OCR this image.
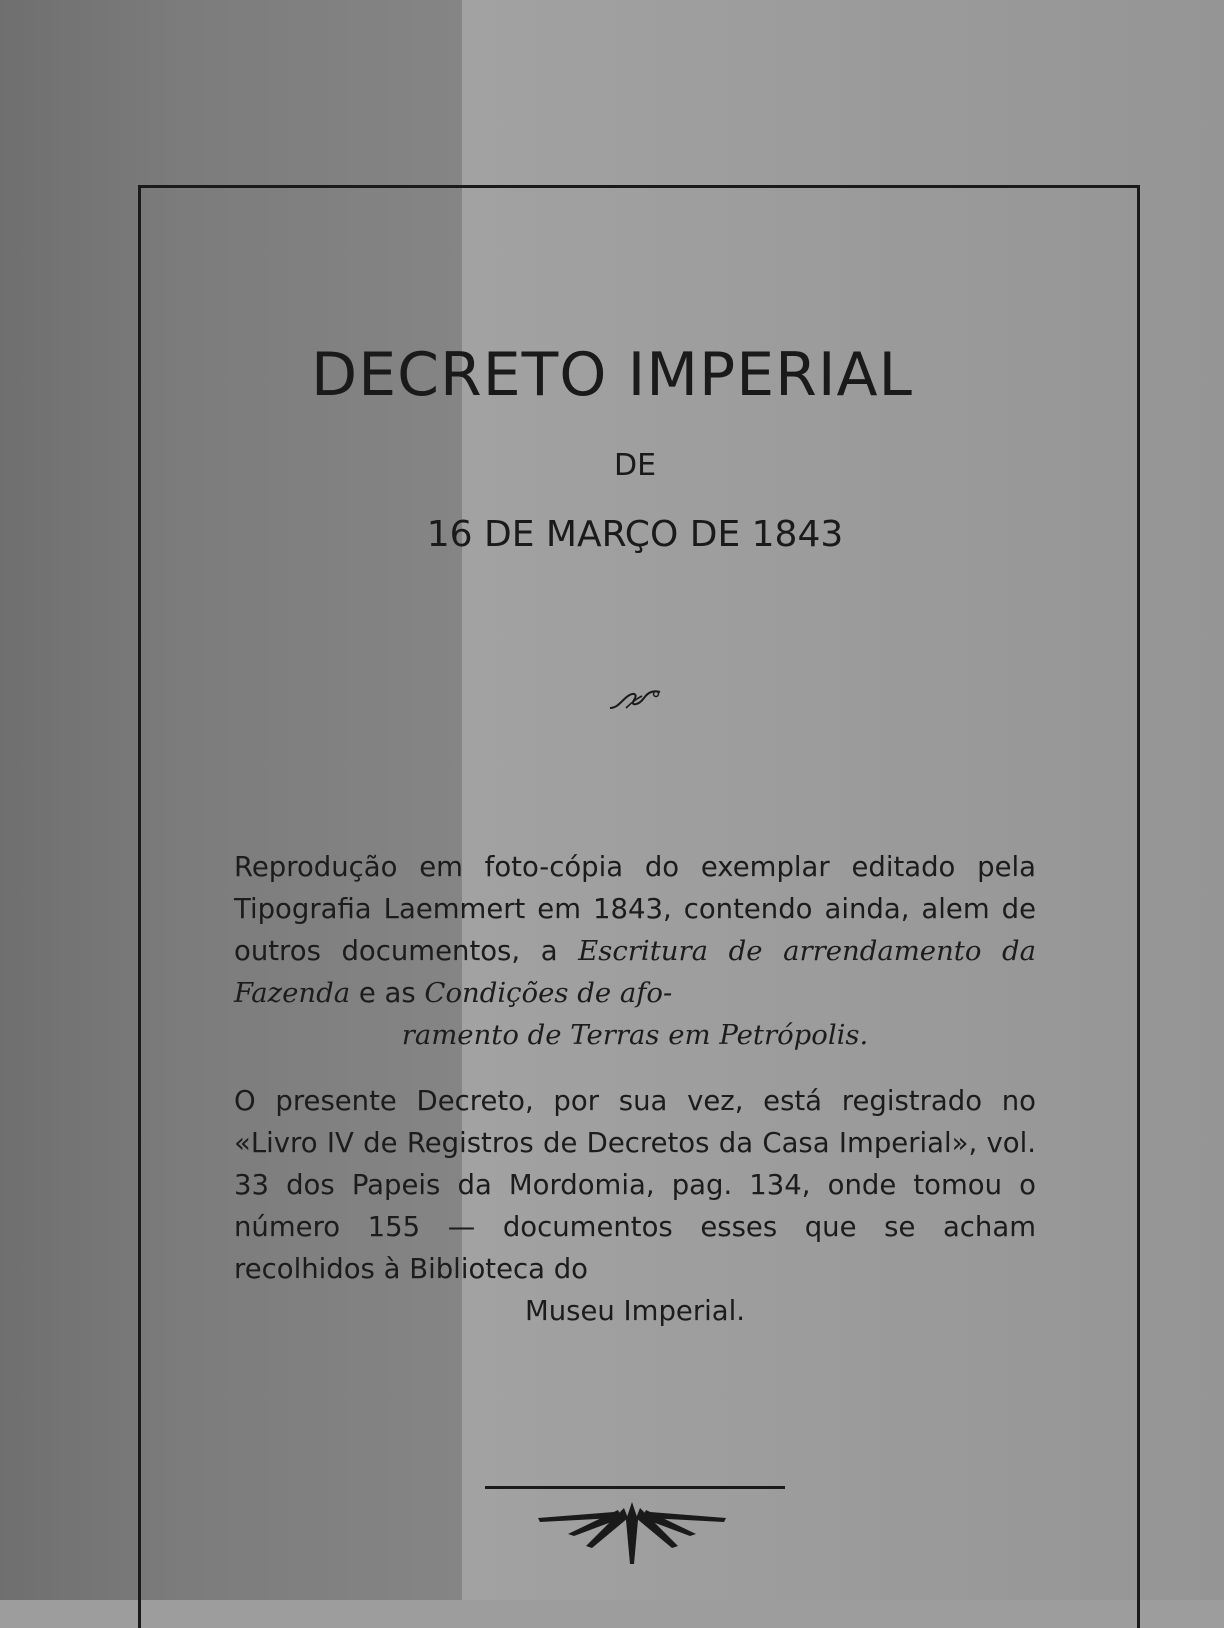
DECRETO IMPERIAL
DE
16 DE MARÇO DE 1843

Reprodução em foto-cópia do exemplar editado pela Tipografia Laemmert em 1843, contendo ainda, alem de outros documentos, a Escritura de arrendamento da Fazenda e as Condições de afo-
ramento de Terras em Petrópolis.

O presente Decreto, por sua vez, está registrado no «Livro IV de Registros de Decretos da Casa Imperial», vol. 33 dos Papeis da Mordomia, pag. 134, onde tomou o número 155 — documentos esses que se acham recolhidos à Biblioteca do
Museu Imperial.
